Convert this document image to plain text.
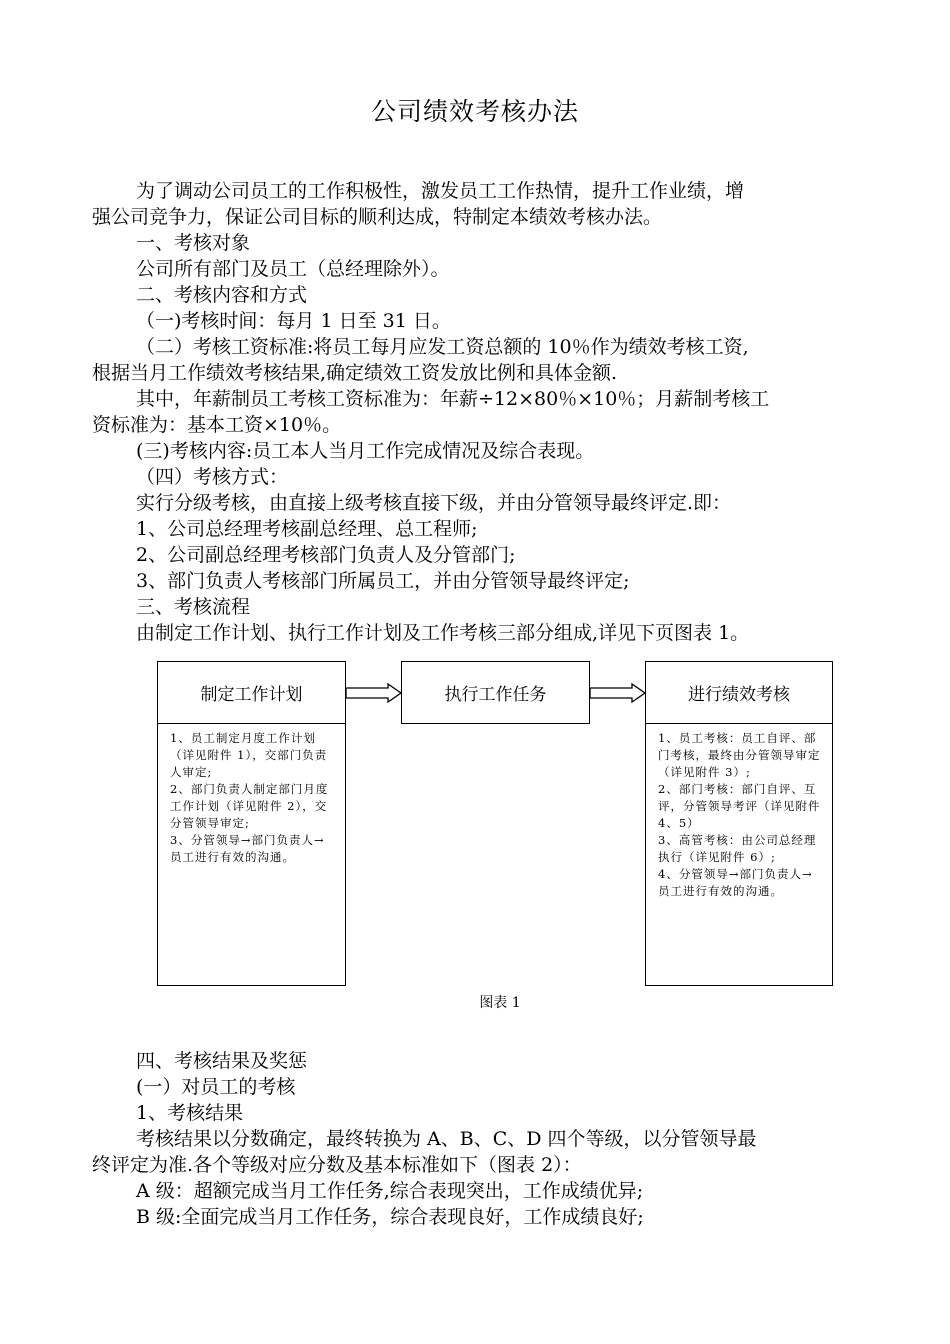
公司绩效考核办法
为了调动公司员工的工作积极性，激发员工工作热情，提升工作业绩，增
强公司竞争力，保证公司目标的顺利达成，特制定本绩效考核办法。
一、考核对象
公司所有部门及员工（总经理除外）。
二、考核内容和方式
（一)考核时间：每月 1 日至 31 日。
（二）考核工资标准:将员工每月应发工资总额的 10％作为绩效考核工资,
根据当月工作绩效考核结果,确定绩效工资发放比例和具体金额.
其中，年薪制员工考核工资标准为：年薪÷12×80％×10％；月薪制考核工
资标准为：基本工资×10％。
(三)考核内容:员工本人当月工作完成情况及综合表现。
（四）考核方式：
实行分级考核，由直接上级考核直接下级，并由分管领导最终评定.即：
1、公司总经理考核副总经理、总工程师;
2、公司副总经理考核部门负责人及分管部门;
3、部门负责人考核部门所属员工，并由分管领导最终评定;
三、考核流程
由制定工作计划、执行工作计划及工作考核三部分组成,详见下页图表 1。
制定工作计划
1、员工制定月度工作计划（详见附件 1），交部门负责人审定;
2、部门负责人制定部门月度工作计划（详见附件 2），交分管领导审定;
3、分管领导→部门负责人→员工进行有效的沟通。
执行工作任务	进行绩效考核
1、员工考核：员工自评、部门考核，最终由分管领导审定（详见附件 3）;
2、部门考核：部门自评、互评，分管领导考评（详见附件 4、5）
3、高管考核：由公司总经理执行（详见附件 6）;
4、分管领导→部门负责人→员工进行有效的沟通。
图表 1
四、考核结果及奖惩
(一）对员工的考核
1、考核结果
考核结果以分数确定，最终转换为 A、B、C、D 四个等级，以分管领导最
终评定为准.各个等级对应分数及基本标准如下（图表 2）：
A 级：超额完成当月工作任务,综合表现突出，工作成绩优异;
B 级:全面完成当月工作任务，综合表现良好，工作成绩良好;
